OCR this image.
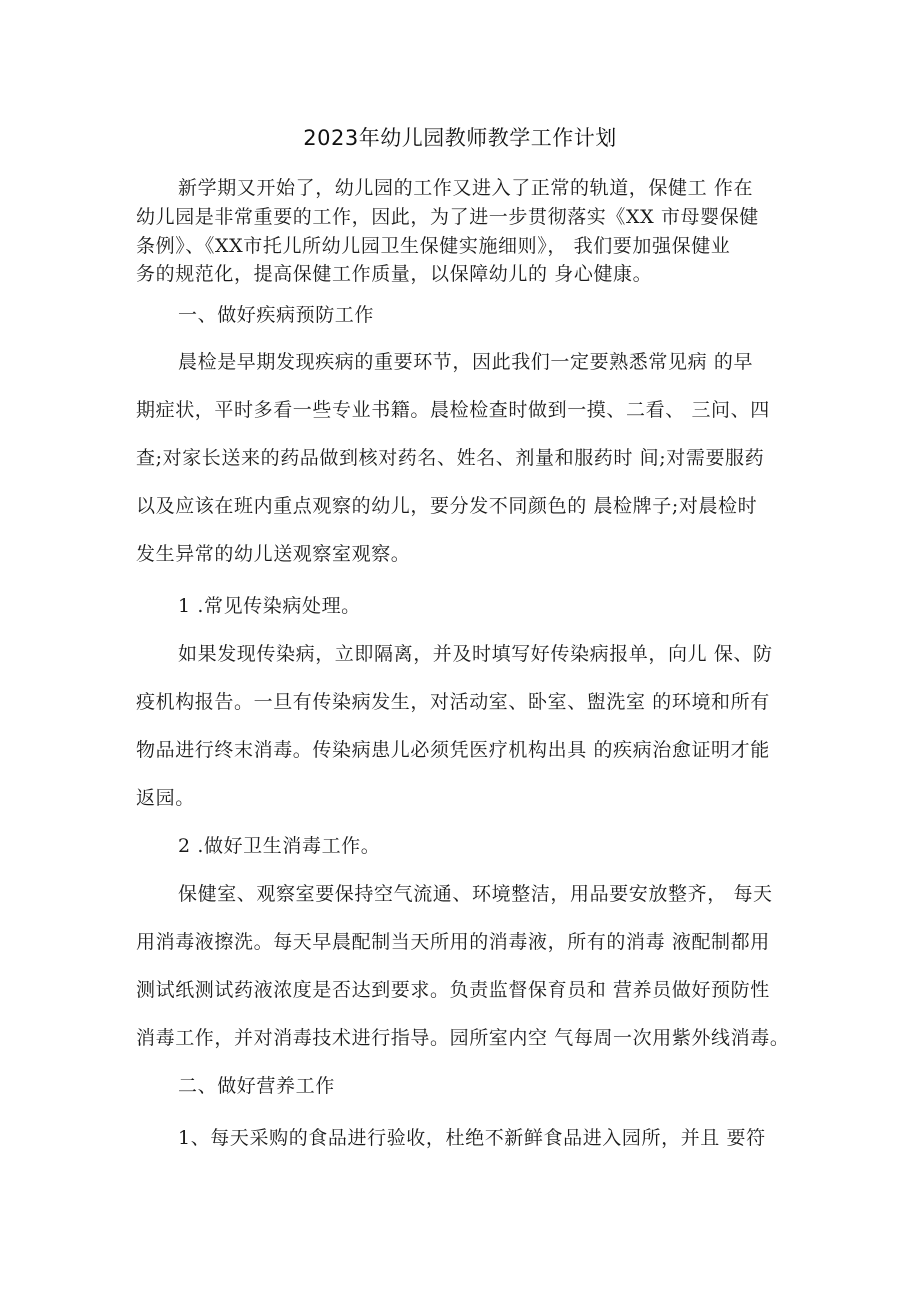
2023年幼儿园教师教学工作计划
新学期又开始了，幼儿园的工作又进入了正常的轨道，保健工 作在
幼儿园是非常重要的工作，因此，为了进一步贯彻落实《XX 市母婴保健
条例》、《XX市托儿所幼儿园卫生保健实施细则》， 我们要加强保健业
务的规范化，提高保健工作质量，以保障幼儿的 身心健康。
一、做好疾病预防工作
晨检是早期发现疾病的重要环节，因此我们一定要熟悉常见病 的早
期症状，平时多看一些专业书籍。晨检检查时做到一摸、二看、 三问、四
查;对家长送来的药品做到核对药名、姓名、剂量和服药时 间;对需要服药
以及应该在班内重点观察的幼儿，要分发不同颜色的 晨检牌子;对晨检时
发生异常的幼儿送观察室观察。
1 .常见传染病处理。
如果发现传染病，立即隔离，并及时填写好传染病报单，向儿 保、防
疫机构报告。一旦有传染病发生，对活动室、卧室、盥洗室 的环境和所有
物品进行终末消毒。传染病患儿必须凭医疗机构出具 的疾病治愈证明才能
返园。
2 .做好卫生消毒工作。
保健室、观察室要保持空气流通、环境整洁，用品要安放整齐， 每天
用消毒液擦洗。每天早晨配制当天所用的消毒液，所有的消毒 液配制都用
测试纸测试药液浓度是否达到要求。负责监督保育员和 营养员做好预防性
消毒工作，并对消毒技术进行指导。园所室内空 气每周一次用紫外线消毒。
二、做好营养工作
1、每天采购的食品进行验收，杜绝不新鲜食品进入园所，并且 要符
